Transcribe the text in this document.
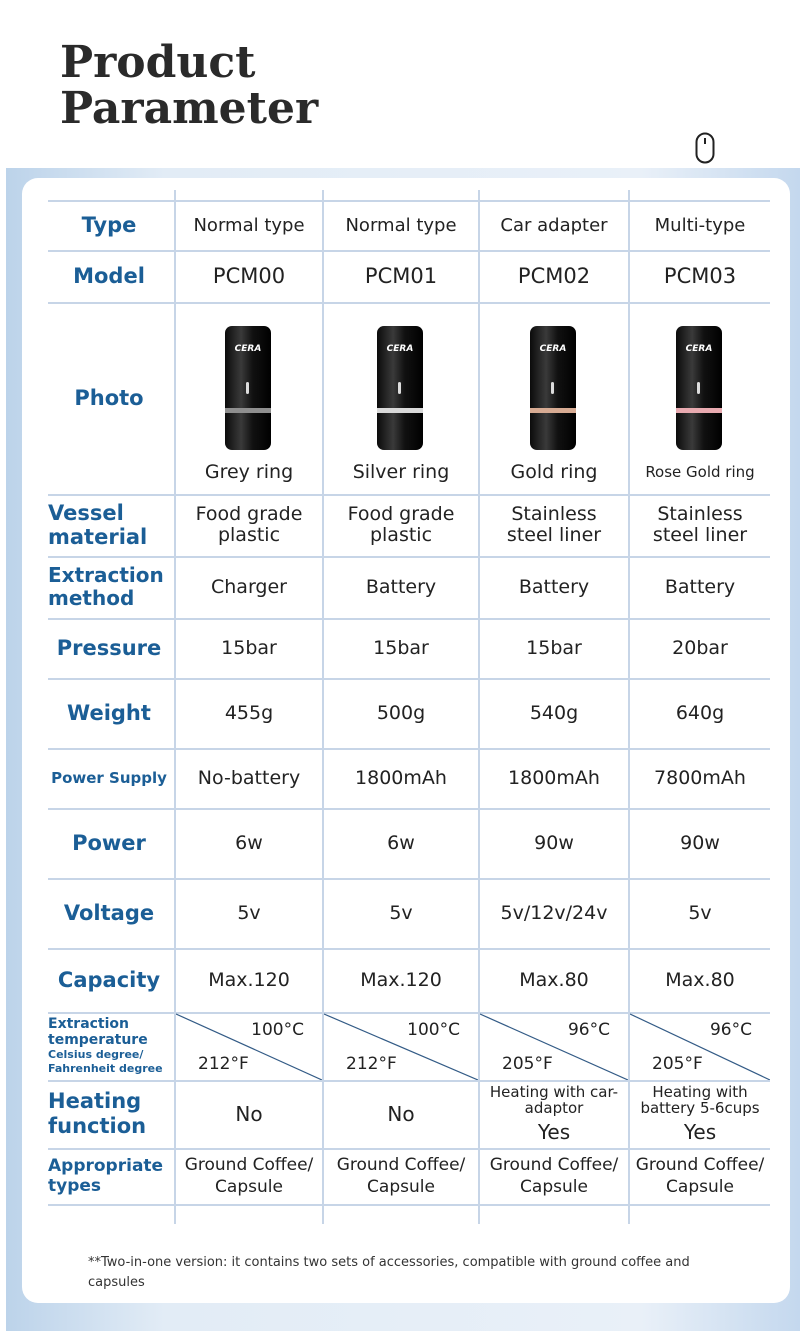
Product
Parameter
Type
Model
Photo
Vessel material
Extraction method
Pressure
Weight
Power Supply
Power
Voltage
Capacity
Extraction
temperature
Celsius degree/
Fahrenheit degree
Heating function
Appropriate types
**Two-in-one version: it contains two sets of accessories, compatible with ground coffee and capsules
Normal type
PCM00
Food grade plastic
Charger
15bar
455g
No-battery
6w
5v
Max.120
CERA
Grey ring
100°C
212°F
No
Ground Coffee/
Capsule
Normal type
PCM01
Food grade plastic
Battery
15bar
500g
1800mAh
6w
5v
Max.120
CERA
Silver ring
100°C
212°F
No
Ground Coffee/
Capsule
Car adapter
PCM02
Stainless steel liner
Battery
15bar
540g
1800mAh
90w
5v/12v/24v
Max.80
CERA
Gold ring
96°C
205°F
Heating with car-adaptor
Yes
Ground Coffee/
Capsule
Multi-type
PCM03
Stainless steel liner
Battery
20bar
640g
7800mAh
90w
5v
Max.80
CERA
Rose Gold ring
96°C
205°F
Heating with battery 5-6cups
Yes
Ground Coffee/
Capsule
